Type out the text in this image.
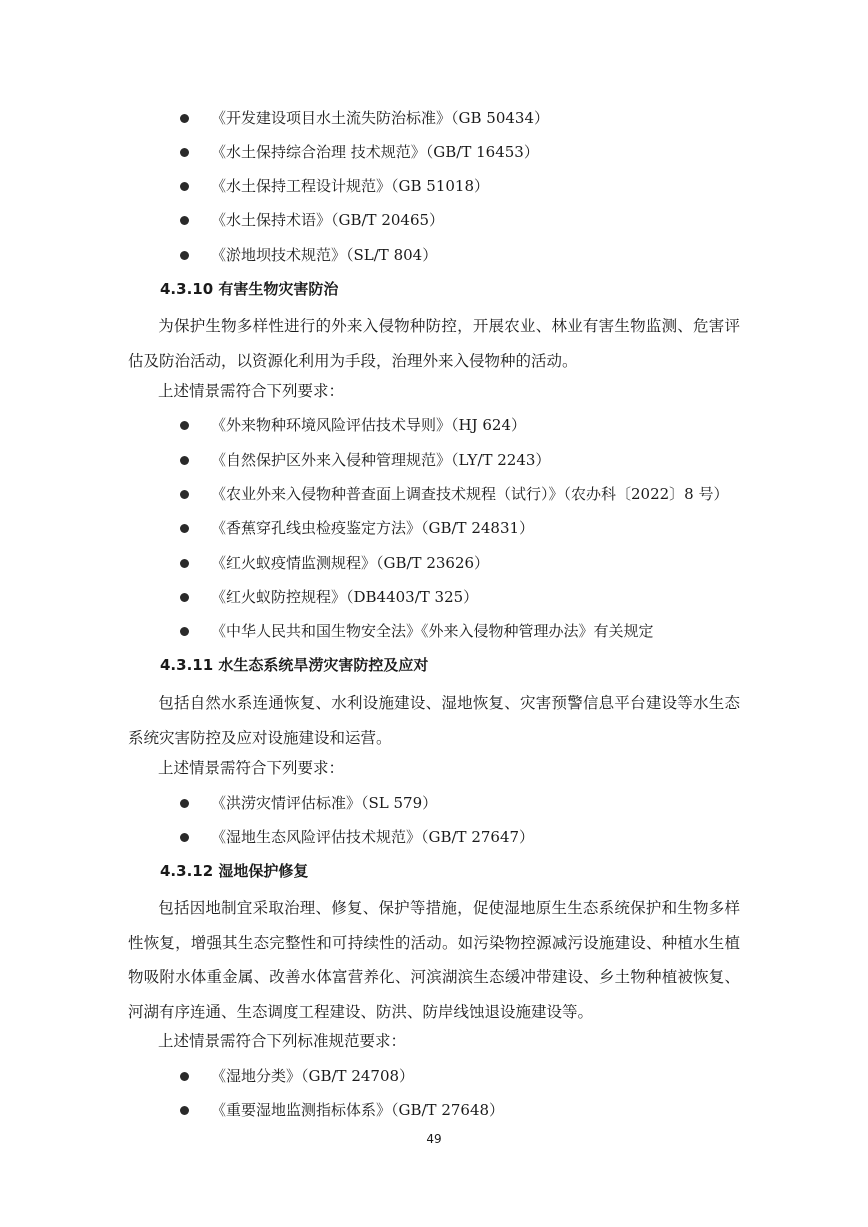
《开发建设项目水土流失防治标准》（GB 50434）
《水土保持综合治理 技术规范》（GB/T 16453）
《水土保持工程设计规范》（GB 51018）
《水土保持术语》（GB/T 20465）
《淤地坝技术规范》（SL/T 804）
4.3.10 有害生物灾害防治
为保护生物多样性进行的外来入侵物种防控，开展农业、林业有害生物监测、危害评估及防治活动，以资源化利用为手段，治理外来入侵物种的活动。
上述情景需符合下列要求：
《外来物种环境风险评估技术导则》（HJ 624）
《自然保护区外来入侵种管理规范》（LY/T 2243）
《农业外来入侵物种普查面上调查技术规程（试行）》（农办科〔2022〕8 号）
《香蕉穿孔线虫检疫鉴定方法》（GB/T 24831）
《红火蚁疫情监测规程》（GB/T 23626）
《红火蚁防控规程》（DB4403/T 325）
《中华人民共和国生物安全法》《外来入侵物种管理办法》有关规定
4.3.11 水生态系统旱涝灾害防控及应对
包括自然水系连通恢复、水利设施建设、湿地恢复、灾害预警信息平台建设等水生态系统灾害防控及应对设施建设和运营。
上述情景需符合下列要求：
《洪涝灾情评估标准》（SL 579）
《湿地生态风险评估技术规范》（GB/T 27647）
4.3.12 湿地保护修复
包括因地制宜采取治理、修复、保护等措施，促使湿地原生生态系统保护和生物多样性恢复，增强其生态完整性和可持续性的活动。如污染物控源减污设施建设、种植水生植物吸附水体重金属、改善水体富营养化、河滨湖滨生态缓冲带建设、乡土物种植被恢复、河湖有序连通、生态调度工程建设、防洪、防岸线蚀退设施建设等。
上述情景需符合下列标准规范要求：
《湿地分类》（GB/T 24708）
《重要湿地监测指标体系》（GB/T 27648）
49
